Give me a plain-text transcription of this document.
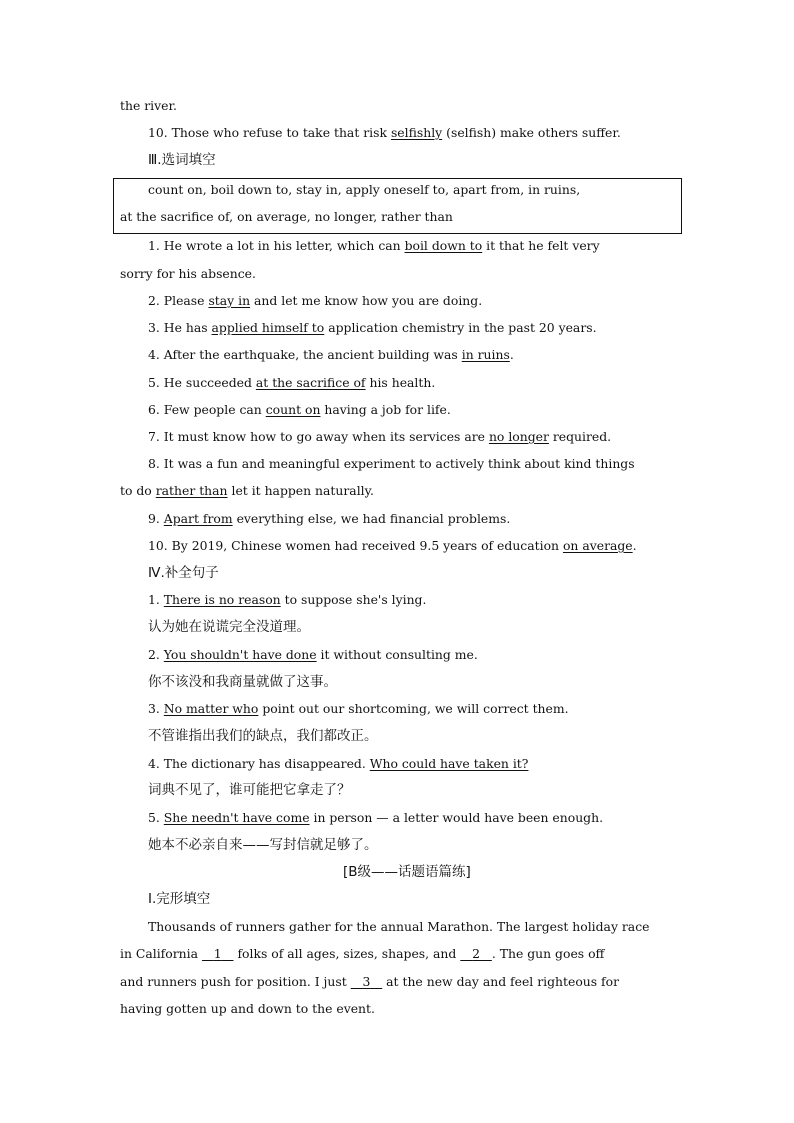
the river.
10. Those who refuse to take that risk selfishly (selfish) make others suffer.
Ⅲ.选词填空
count on, boil down to, stay in, apply oneself to, apart from, in ruins,
at the sacrifice of, on average, no longer, rather than
1. He wrote a lot in his letter, which can boil down to it that he felt very
sorry for his absence.
2. Please stay in and let me know how you are doing.
3. He has applied himself to application chemistry in the past 20 years.
4. After the earthquake, the ancient building was in ruins.
5. He succeeded at the sacrifice of his health.
6. Few people can count on having a job for life.
7. It must know how to go away when its services are no longer required.
8. It was a fun and meaningful experiment to actively think about kind things
to do rather than let it happen naturally.
9. Apart from everything else, we had financial problems.
10. By 2019, Chinese women had received 9.5 years of education on average.
Ⅳ.补全句子
1. There is no reason to suppose she's lying.
认为她在说谎完全没道理。
2. You shouldn't have done it without consulting me.
你不该没和我商量就做了这事。
3. No matter who point out our shortcoming, we will correct them.
不管谁指出我们的缺点，我们都改正。
4. The dictionary has disappeared. Who could have taken it?
词典不见了，谁可能把它拿走了？
5. She needn't have come in person — a letter would have been enough.
她本不必亲自来——写封信就足够了。
[B级——话题语篇练]
Ⅰ.完形填空
Thousands of runners gather for the annual Marathon. The largest holiday race
in California 1 folks of all ages, sizes, shapes, and 2 . The gun goes off
and runners push for position. I just 3 at the new day and feel righteous for
having gotten up and down to the event.
